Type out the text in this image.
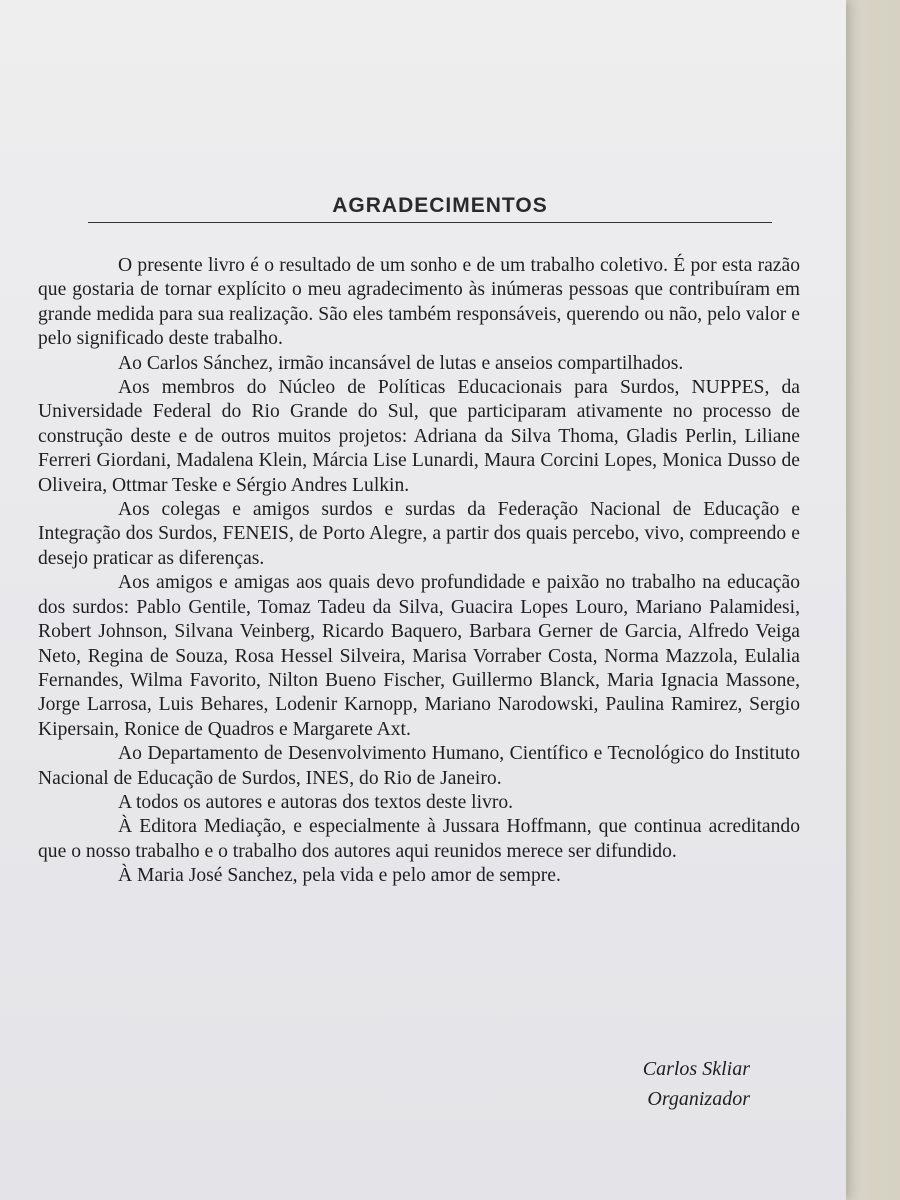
AGRADECIMENTOS

O presente livro é o resultado de um sonho e de um trabalho coletivo. É por esta razão que gostaria de tornar explícito o meu agradecimento às inúmeras pessoas que contribuíram em grande medida para sua realização. São eles também responsáveis, querendo ou não, pelo valor e pelo significado deste trabalho.

Ao Carlos Sánchez, irmão incansável de lutas e anseios compartilhados.

Aos membros do Núcleo de Políticas Educacionais para Surdos, NUPPES, da Universidade Federal do Rio Grande do Sul, que participaram ativamente no processo de construção deste e de outros muitos projetos: Adriana da Silva Thoma, Gladis Perlin, Liliane Ferreri Giordani, Madalena Klein, Márcia Lise Lunardi, Maura Corcini Lopes, Monica Dusso de Oliveira, Ottmar Teske e Sérgio Andres Lulkin.

Aos colegas e amigos surdos e surdas da Federação Nacional de Educação e Integração dos Surdos, FENEIS, de Porto Alegre, a partir dos quais percebo, vivo, compreendo e desejo praticar as diferenças.

Aos amigos e amigas aos quais devo profundidade e paixão no trabalho na educação dos surdos: Pablo Gentile, Tomaz Tadeu da Silva, Guacira Lopes Louro, Mariano Palamidesi, Robert Johnson, Silvana Veinberg, Ricardo Baquero, Barbara Gerner de Garcia, Alfredo Veiga Neto, Regina de Souza, Rosa Hessel Silveira, Marisa Vorraber Costa, Norma Mazzola, Eulalia Fernandes, Wilma Favorito, Nilton Bueno Fischer, Guillermo Blanck, Maria Ignacia Massone, Jorge Larrosa, Luis Behares, Lodenir Karnopp, Mariano Narodowski, Paulina Ramirez, Sergio Kipersain, Ronice de Quadros e Margarete Axt.

Ao Departamento de Desenvolvimento Humano, Científico e Tecnológico do Instituto Nacional de Educação de Surdos, INES, do Rio de Janeiro.

A todos os autores e autoras dos textos deste livro.

À Editora Mediação, e especialmente à Jussara Hoffmann, que continua acreditando que o nosso trabalho e o trabalho dos autores aqui reunidos merece ser difundido.

À Maria José Sanchez, pela vida e pelo amor de sempre.

Carlos Skliar
Organizador
